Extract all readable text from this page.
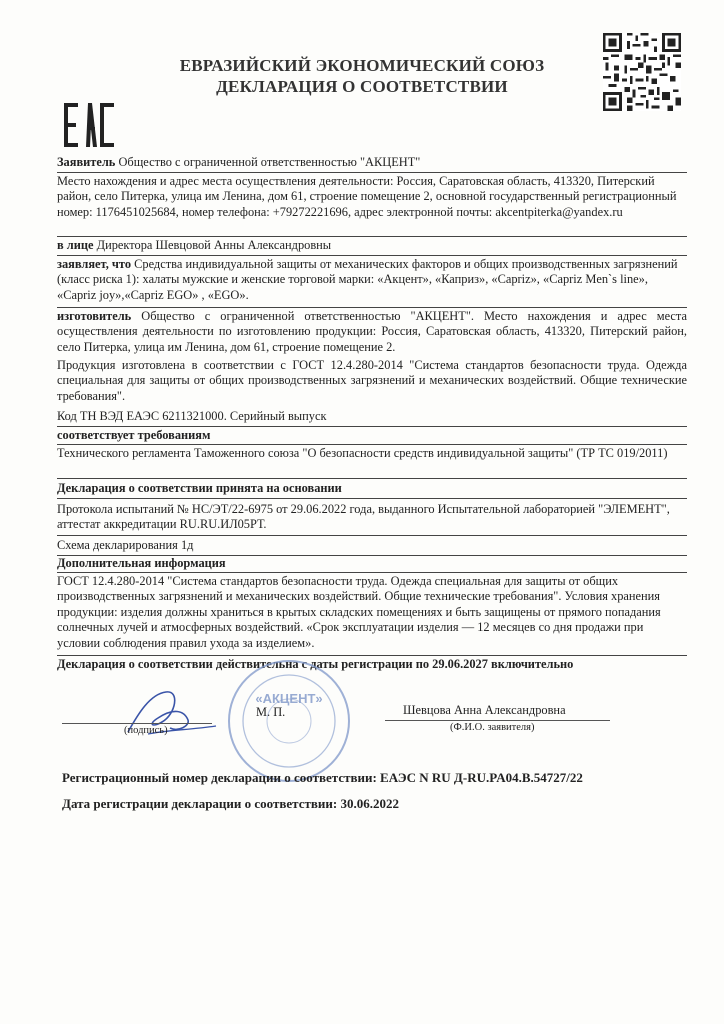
ЕВРАЗИЙСКИЙ ЭКОНОМИЧЕСКИЙ СОЮЗ
ДЕКЛАРАЦИЯ О СООТВЕТСТВИИ
Заявитель Общество с ограниченной ответственностью "АКЦЕНТ"
Место нахождения и адрес места осуществления деятельности: Россия, Саратовская область, 413320, Питерский район, село Питерка, улица им Ленина, дом 61, строение помещение 2, основной государственный регистрационный номер: 1176451025684, номер телефона: +79272221696, адрес электронной почты: akcentpiterka@yandex.ru
в лице Директора Шевцовой Анны Александровны
заявляет, что Средства индивидуальной защиты от механических факторов и общих производственных загрязнений (класс риска 1): халаты мужские и женские торговой марки: «Акцент», «Каприз», «Capriz», «Capriz Men`s line», «Capriz joy»,«Capriz EGO» , «EGO».
изготовитель Общество с ограниченной ответственностью "АКЦЕНТ". Место нахождения и адрес места осуществления деятельности по изготовлению продукции: Россия, Саратовская область, 413320, Питерский район, село Питерка, улица им Ленина, дом 61, строение помещение 2.
Продукция изготовлена в соответствии с ГОСТ 12.4.280-2014 "Система стандартов безопасности труда. Одежда специальная для защиты от общих производственных загрязнений и механических воздействий. Общие технические требования".
Код ТН ВЭД ЕАЭС 6211321000. Серийный выпуск
соответствует требованиям
Технического регламента Таможенного союза "О безопасности средств индивидуальной защиты" (ТР ТС 019/2011)
Декларация о соответствии принята на основании
Протокола испытаний № НС/ЭТ/22-6975 от 29.06.2022 года, выданного Испытательной лабораторией "ЭЛЕМЕНТ", аттестат аккредитации RU.RU.ИЛ05РТ.
Схема декларирования 1д
Дополнительная информация
ГОСТ 12.4.280-2014 "Система стандартов безопасности труда. Одежда специальная для защиты от общих производственных загрязнений и механических воздействий. Общие технические требования". Условия хранения продукции: изделия должны храниться в крытых складских помещениях и быть защищены от прямого попадания солнечных лучей и атмосферных воздействий. «Срок эксплуатации изделия — 12 месяцев со дня продажи при условии соблюдения правил ухода за изделием».
Декларация о соответствии действительна с даты регистрации по 29.06.2027 включительно
«АКЦЕНТ»
(подпись)
М. П.	Шевцова Анна Александровна
(Ф.И.О. заявителя)
Регистрационный номер декларации о соответствии: ЕАЭС N RU Д-RU.PA04.B.54727/22
Дата регистрации декларации о соответствии: 30.06.2022
